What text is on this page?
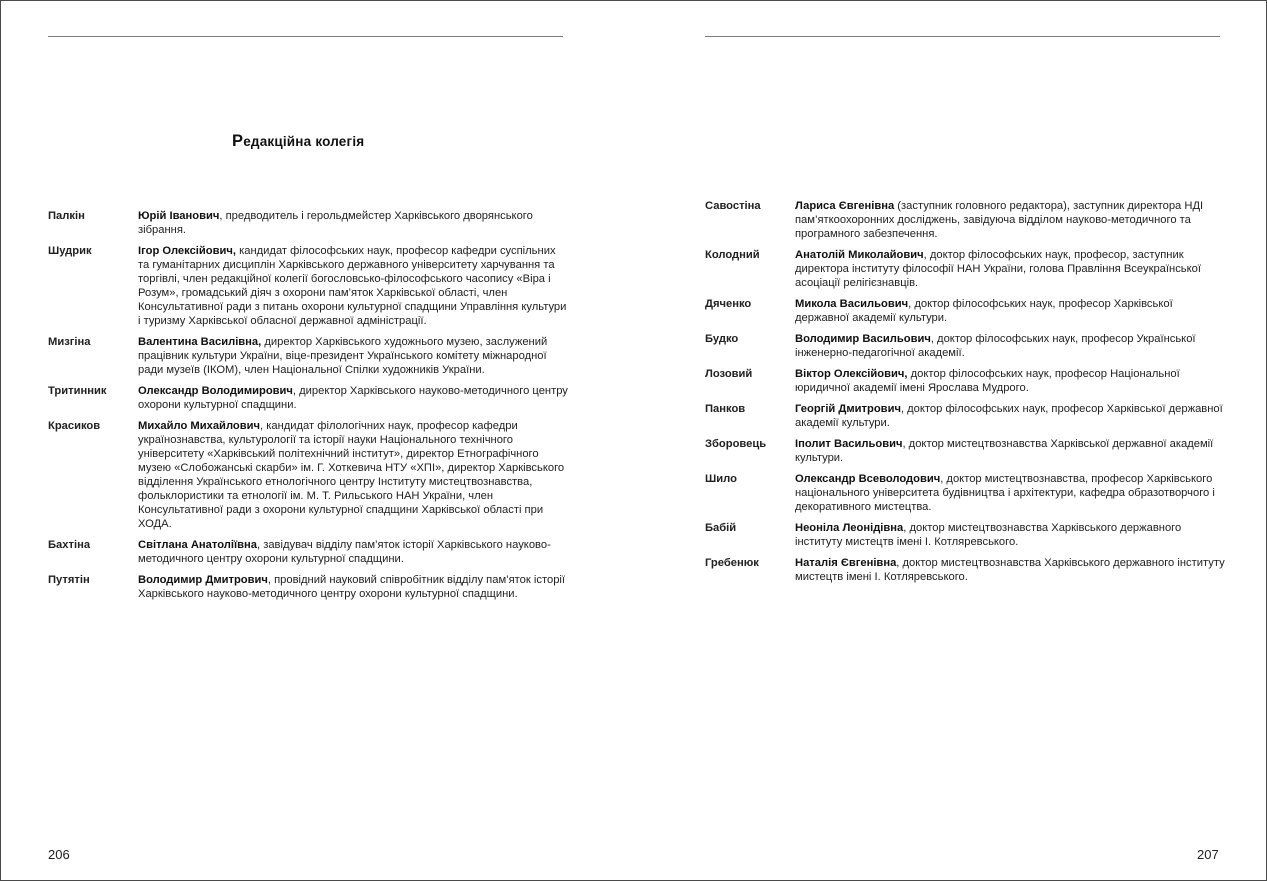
Редакційна колегія
Палкін	Юрій Іванович, предводитель і герольдмейстер Харківського дворянського зібрання.
Шудрик	Ігор Олексійович, кандидат філософських наук, професор кафедри суспільних та гуманітарних дисциплін Харківського державного університету харчування та торгівлі, член редакційної колегії богословсько-філософського часопису «Віра і Розум», громадський діяч з охорони пам’яток Харківської області, член Консультативної ради з питань охорони культурної спадщини Управління культури і туризму Харківської обласної державної адміністрації.
Мизгіна	Валентина Василівна, директор Харківського художнього музею, заслужений працівник культури України, віце-президент Українського комітету міжнародної ради музеїв (ІКОМ), член Національної Спілки художників України.
Тритинник	Олександр Володимирович, директор Харківського науково-методичного центру охорони культурної спадщини.
Красиков	Михайло Михайлович, кандидат філологічних наук, професор кафедри українознавства, культурології та історії науки Національного технічного університету «Харківський політехнічний інститут», директор Етнографічного музею «Слобожанські скарби» ім. Г. Хоткевича НТУ «ХПІ», директор Харківського відділення Українського етнологічного центру Інституту мистецтвознавства, фольклористики та етнології ім. М. Т. Рильського НАН України, член Консультативної ради з охорони культурної спадщини Харківської області при ХОДА.
Бахтіна	Світлана Анатоліївна, завідувач відділу пам’яток історії Харківського науково-методичного центру охорони культурної спадщини.
Путятін	Володимир Дмитрович, провідний науковий співробітник відділу пам’яток історії Харківського науково-методичного центру охорони культурної спадщини.
206
Савостіна	Лариса Євгенівна (заступник головного редактора), заступник директора НДІ пам’яткоохоронних досліджень, завідуюча відділом науково-методичного та програмного забезпечення.
Колодний	Анатолій Миколайович, доктор філософських наук, професор, заступник директора інституту філософії НАН України, голова Правління Всеукраїнської асоціації релігієзнавців.
Дяченко	Микола Васильович, доктор філософських наук, професор Харківської державної академії культури.
Будко	Володимир Васильович, доктор філософських наук, професор Української інженерно-педагогічної академії.
Лозовий	Віктор Олексійович, доктор філософських наук, професор Національної юридичної академії імені Ярослава Мудрого.
Панков	Георгій Дмитрович, доктор філософських наук, професор Харківської державної академії культури.
Зборовець	Іполит Васильович, доктор мистецтвознавства Харківської державної академії культури.
Шило	Олександр Всеволодович, доктор мистецтвознавства, професор Харківського національного університета будівництва і архітектури, кафедра образотворчого і декоративного мистецтва.
Бабій	Неоніла Леонідівна, доктор мистецтвознавства Харківського державного інституту мистецтв імені І. Котляревського.
Гребенюк	Наталія Євгенівна, доктор мистецтвознавства Харківського державного інституту мистецтв імені І. Котляревського.
207
